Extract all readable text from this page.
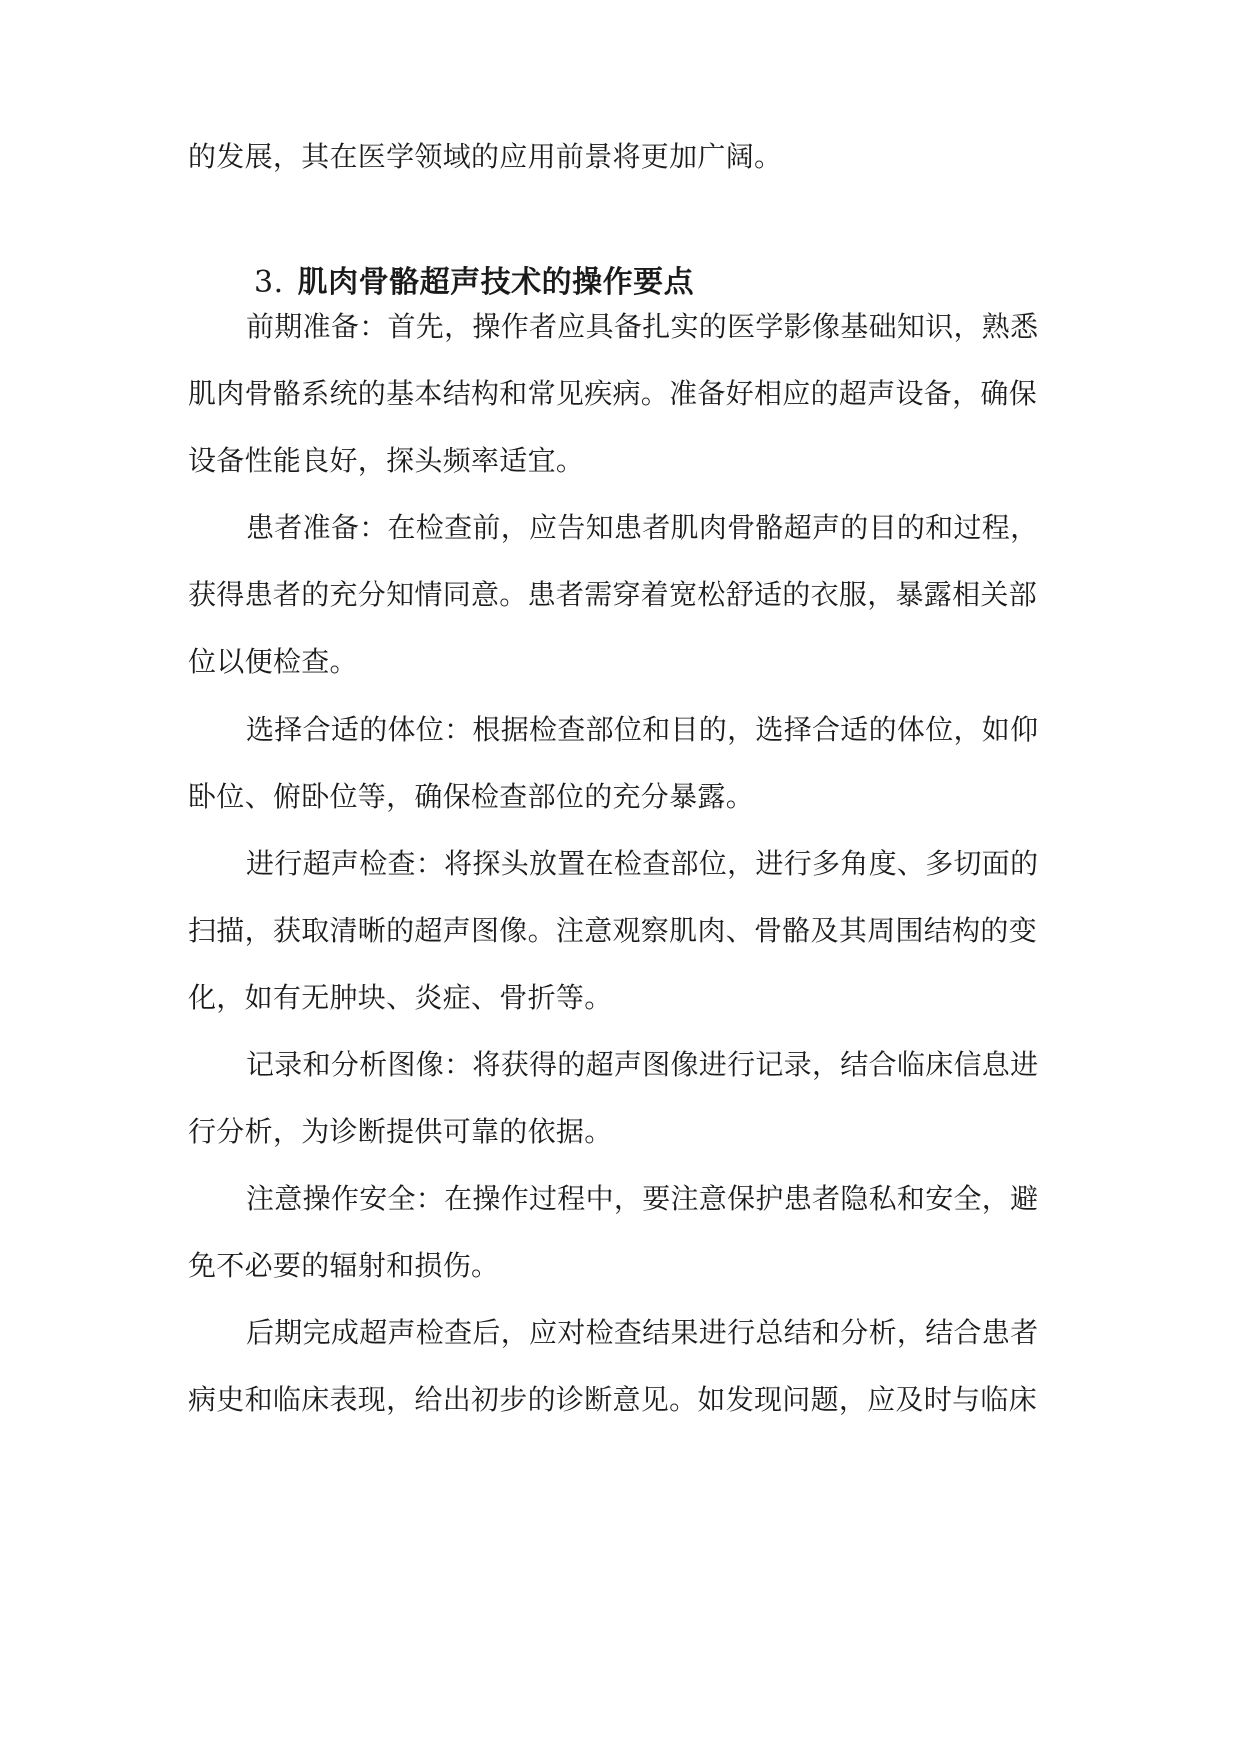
的发展，其在医学领域的应用前景将更加广阔。
3. 肌肉骨骼超声技术的操作要点
前期准备：首先，操作者应具备扎实的医学影像基础知识，熟悉
肌肉骨骼系统的基本结构和常见疾病。准备好相应的超声设备，确保
设备性能良好，探头频率适宜。
患者准备：在检查前，应告知患者肌肉骨骼超声的目的和过程，
获得患者的充分知情同意。患者需穿着宽松舒适的衣服，暴露相关部
位以便检查。
选择合适的体位：根据检查部位和目的，选择合适的体位，如仰
卧位、俯卧位等，确保检查部位的充分暴露。
进行超声检查：将探头放置在检查部位，进行多角度、多切面的
扫描，获取清晰的超声图像。注意观察肌肉、骨骼及其周围结构的变
化，如有无肿块、炎症、骨折等。
记录和分析图像：将获得的超声图像进行记录，结合临床信息进
行分析，为诊断提供可靠的依据。
注意操作安全：在操作过程中，要注意保护患者隐私和安全，避
免不必要的辐射和损伤。
后期完成超声检查后，应对检查结果进行总结和分析，结合患者
病史和临床表现，给出初步的诊断意见。如发现问题，应及时与临床
